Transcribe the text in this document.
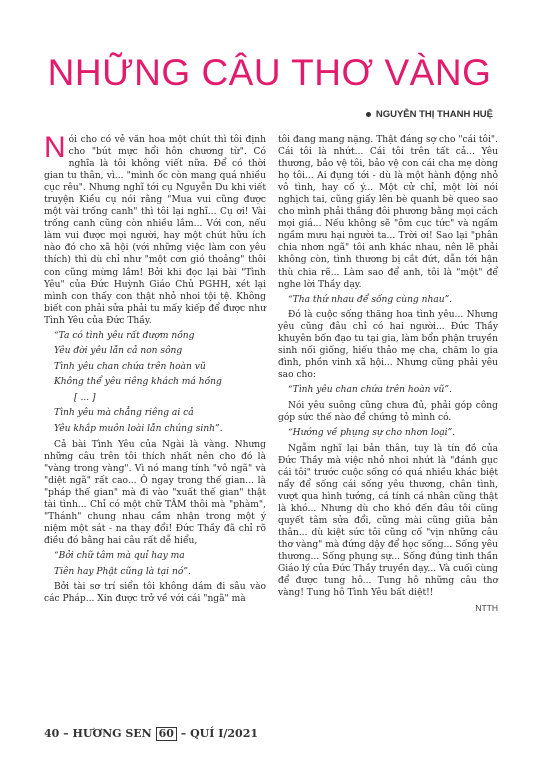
NHỮNG CÂU THƠ VÀNG
NGUYỄN THỊ THANH HUỆ

Nói cho có vẻ văn hoa một chút thì tôi định cho "bút mực hổi hôn chương từ". Có nghĩa là tôi không viết nữa. Để có thời gian tu thân, vì... "mình ốc còn mang quá nhiều cục rêu". Nhưng nghĩ tới cụ Nguyễn Du khi viết truyện Kiều cụ nói rằng "Mua vui cũng được một vài trống canh" thì tôi lại nghĩ... Cụ ơi! Vài trống canh cũng còn nhiều lắm... Với con, nếu làm vui được mọi người, hay một chút hữu ích nào đó cho xã hội (với những việc làm con yêu thích) thì dù chỉ như "một cơn gió thoảng" thôi con cũng mừng lắm! Bởi khi đọc lại bài "Tình Yêu" của Đức Huỳnh Giáo Chủ PGHH, xét lại mình con thấy con thật nhỏ nhoi tội tệ. Không biết con phải sửa phải tu mấy kiếp để được như Tình Yêu của Đức Thầy.

“Ta có tình yêu rất đượm nồng

Yêu đời yêu lẫn cả non sông

Tình yêu chan chứa trên hoàn vũ

Không thể yêu riêng khách má hồng

[ ... ]

Tình yêu mà chẳng riêng ai cả

Yêu khắp muôn loài lẫn chúng sinh”.

Cả bài Tình Yêu của Ngài là vàng. Nhưng những câu trên tôi thích nhất nên cho đó là "vàng trong vàng". Vì nó mang tính "vô ngã" và "diệt ngã" rất cao... Ô ngay trong thế gian... là "pháp thế gian" mà đi vào "xuất thế gian" thật tài tình... Chỉ có một chữ TÂM thôi mà "phàm", "Thánh" chung nhau cầm nhận trong một ý niệm một sát - na thay đổi! Đức Thầy đã chỉ rõ điều đó bằng hai câu rất dễ hiểu,

“Bởi chữ tâm mà quỉ hay ma

Tiên hay Phật cũng là tại nó”.

Bởi tài sơ trí siển tôi không dám đi sâu vào các Pháp... Xin được trở về với cái "ngã" mà

tôi đang mang nặng. Thật đáng sợ cho "cái tôi". Cái tôi là nhứt... Cái tôi trên tất cả... Yêu thương, bảo vệ tôi, bảo vệ con cái cha mẹ dòng họ tôi... Ai đụng tới - dù là một hành động nhỏ vô tình, hay cố ý... Một cử chỉ, một lời nói nghịch tai, cũng giấy lên bè quanh bè queo sao cho mình phải thắng đôi phương bằng mọi cách mọi giá... Nếu không sẽ "ôm cục tức" và ngấm ngầm mưu hại người ta... Trời ơi! Sao lại "phân chia nhơn ngã" tôi anh khác nhau, nên lẽ phải không còn, tình thương bị cắt đứt, dẫn tới hận thù chia rẽ... Làm sao để anh, tôi là "một" để nghe lời Thầy dạy.

“Tha thứ nhau để sống cùng nhau”.

Đó là cuộc sống thăng hoa tình yêu... Nhưng yêu cũng đâu chỉ có hai người... Đức Thầy khuyên bốn đạo tu tại gia, làm bổn phận truyền sinh nối giống, hiếu thảo mẹ cha, chăm lo gia đình, phồn vinh xã hội... Nhưng cũng phải yêu sao cho:

“Tình yêu chan chứa trên hoàn vũ”.

Nói yêu suông cũng chưa đủ, phải góp công góp sức thế nào để chứng tỏ mình có.

“Hướng về phụng sự cho nhơn loại”.

Ngẫm nghĩ lại bản thân, tuy là tín đồ của Đức Thầy mà việc nhỏ nhoi nhứt là "đánh gục cái tôi" trước cuộc sống có quá nhiều khác biệt nẩy để sống cái sống yêu thương, chân tình, vượt qua hình tướng, cá tính cá nhân cũng thật là khó... Nhưng dù cho khó đến đâu tôi cũng quyết tâm sửa đổi, cũng mài cũng giũa bản thân... dù kiệt sức tôi cũng cố "vịn những câu thơ vàng" mà đứng dậy để học sống... Sống yêu thương... Sống phụng sự... Sống đúng tinh thần Giáo lý của Đức Thầy truyền dạy... Và cuối cùng để được tung hô... Tung hô những câu thơ vàng! Tung hô Tình Yêu bất diệt!!

NTTH

40 – HƯƠNG SEN 60 – QUÍ I/2021
